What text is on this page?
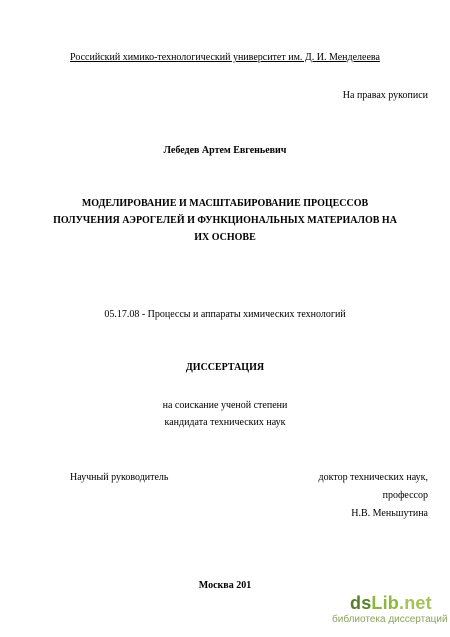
Российский химико-технологический университет им. Д. И. Менделеева
На правах рукописи
Лебедев Артем Евгеньевич
МОДЕЛИРОВАНИЕ И МАСШТАБИРОВАНИЕ ПРОЦЕССОВ
ПОЛУЧЕНИЯ АЭРОГЕЛЕЙ И ФУНКЦИОНАЛЬНЫХ МАТЕРИАЛОВ НА
ИХ ОСНОВЕ
05.17.08 - Процессы и аппараты химических технологий
ДИССЕРТАЦИЯ
на соискание ученой степени
кандидата технических наук
Научный руководитель	доктор технических наук,
профессор
Н.В. Меньшутина
Москва 201
dsLib.net
библиотека диссертаций
